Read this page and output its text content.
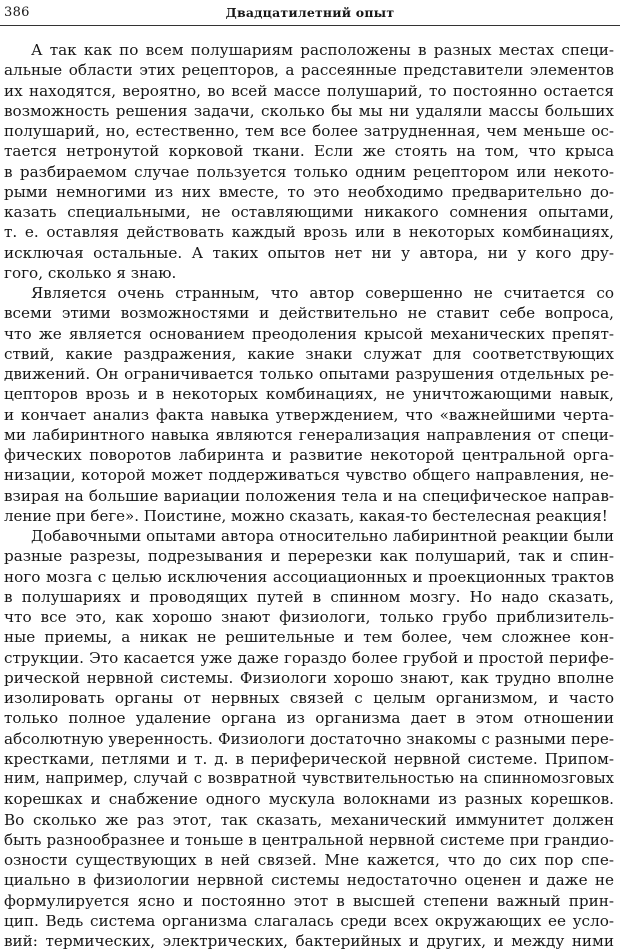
386	Двадцатилетний опыт
А так как по всем полушариям расположены в разных местах специ-
альные области этих рецепторов, а рассеянные представители элементов
их находятся, вероятно, во всей массе полушарий, то постоянно остается
возможность решения задачи, сколько бы мы ни удаляли массы больших
полушарий, но, естественно, тем все более затрудненная, чем меньше ос-
тается нетронутой корковой ткани. Если же стоять на том, что крыса
в разбираемом случае пользуется только одним рецептором или некото-
рыми немногими из них вместе, то это необходимо предварительно до-
казать специальными, не оставляющими никакого сомнения опытами,
т. е. оставляя действовать каждый врозь или в некоторых комбинациях,
исключая остальные. А таких опытов нет ни у автора, ни у кого дру-
гого, сколько я знаю.
Является очень странным, что автор совершенно не считается со
всеми этими возможностями и действительно не ставит себе вопроса,
что же является основанием преодоления крысой механических препят-
ствий, какие раздражения, какие знаки служат для соответствующих
движений. Он ограничивается только опытами разрушения отдельных ре-
цепторов врозь и в некоторых комбинациях, не уничтожающими навык,
и кончает анализ факта навыка утверждением, что «важнейшими черта-
ми лабиринтного навыка являются генерализация направления от специ-
фических поворотов лабиринта и развитие некоторой центральной орга-
низации, которой может поддерживаться чувство общего направления, не-
взирая на большие вариации положения тела и на специфическое направ-
ление при беге». Поистине, можно сказать, какая-то бестелесная реакция!
Добавочными опытами автора относительно лабиринтной реакции были
разные разрезы, подрезывания и перерезки как полушарий, так и спин-
ного мозга с целью исключения ассоциационных и проекционных трактов
в полушариях и проводящих путей в спинном мозгу. Но надо сказать,
что все это, как хорошо знают физиологи, только грубо приблизитель-
ные приемы, а никак не решительные и тем более, чем сложнее кон-
струкции. Это касается уже даже гораздо более грубой и простой перифе-
рической нервной системы. Физиологи хорошо знают, как трудно вполне
изолировать органы от нервных связей с целым организмом, и часто
только полное удаление органа из организма дает в этом отношении
абсолютную уверенность. Физиологи достаточно знакомы с разными пере-
крестками, петлями и т. д. в периферической нервной системе. Припом-
ним, например, случай с возвратной чувствительностью на спинномозговых
корешках и снабжение одного мускула волокнами из разных корешков.
Во сколько же раз этот, так сказать, механический иммунитет должен
быть разнообразнее и тоньше в центральной нервной системе при грандио-
озности существующих в ней связей. Мне кажется, что до сих пор спе-
циально в физиологии нервной системы недостаточно оценен и даже не
формулируется ясно и постоянно этот в высшей степени важный прин-
цип. Ведь система организма слагалась среди всех окружающих ее усло-
вий: термических, электрических, бактерийных и других, и между ними
